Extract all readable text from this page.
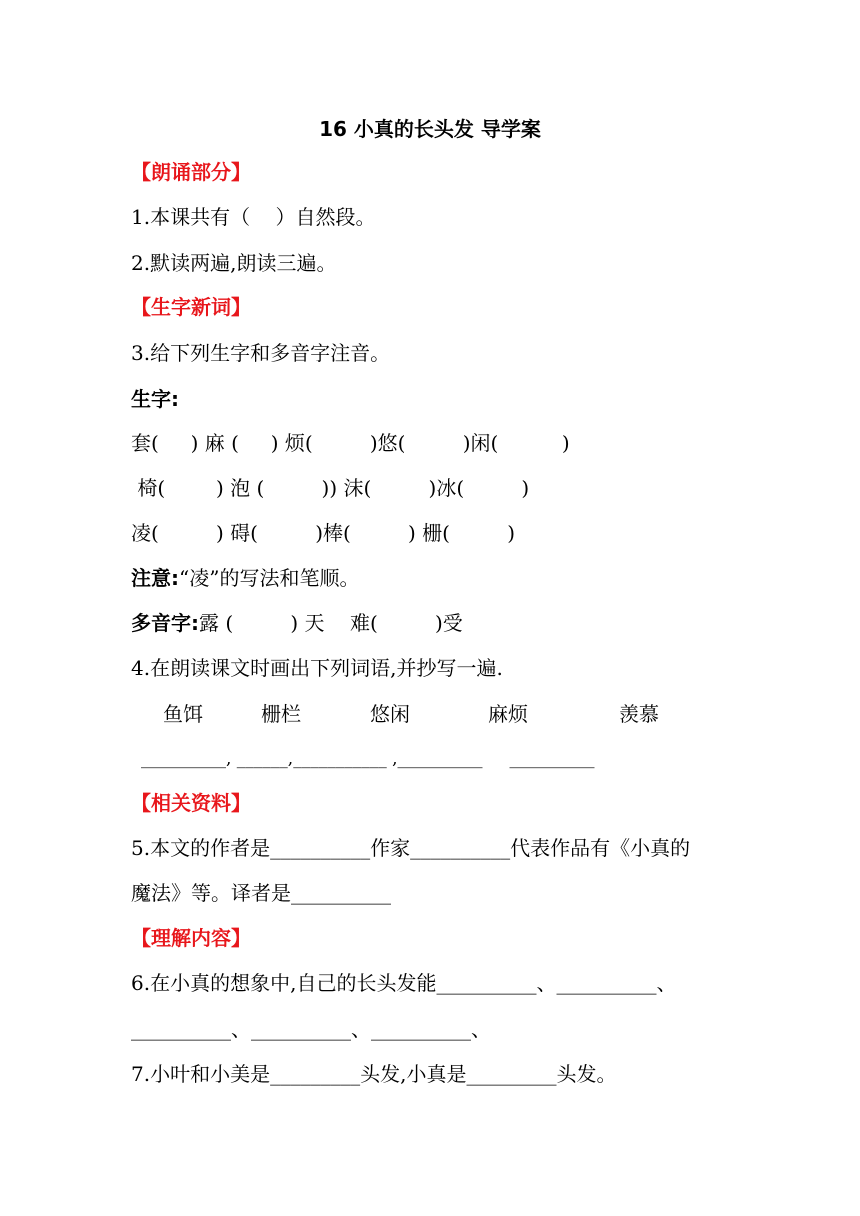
16 小真的长头发 导学案
【朗诵部分】
1.本课共有（    ）自然段。
2.默读两遍,朗读三遍。
【生字新词】
3.给下列生字和多音字注音。
生字:
套(     ) 麻 (     ) 烦(         )悠(         )闲(          )
椅(        ) 泡 (         )) 沫(         )冰(         )
凌(         ) 碍(         )棒(         ) 栅(         )
注意:“凌”的写法和笔顺。
多音字:露 (         ) 天    难(         )受
4.在朗读课文时画出下列词语,并抄写一遍.
鱼饵	栅栏	悠闲	麻烦	羡慕
__________, ______,___________ ,__________     __________
【相关资料】
5.本文的作者是__________作家__________代表作品有《小真的
魔法》等。译者是__________
【理解内容】
6.在小真的想象中,自己的长头发能__________、__________、
__________、__________、__________、
7.小叶和小美是_________头发,小真是_________头发。
